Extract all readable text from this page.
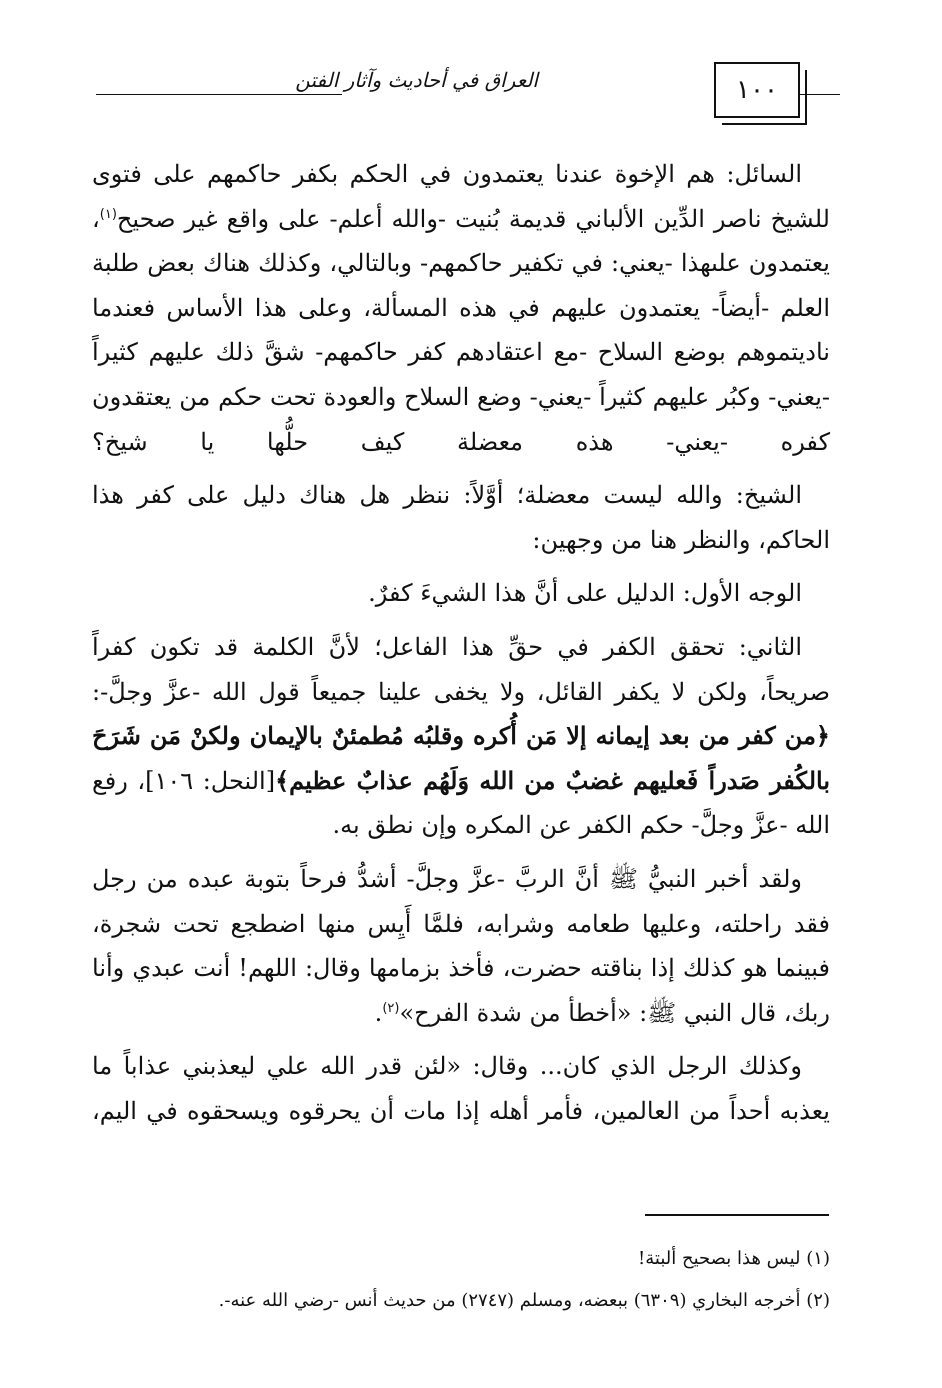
١٠٠
العراق في أحاديث وآثار الفتن

السائل: هم الإخوة عندنا يعتمدون في الحكم بكفر حاكمهم على فتوى للشيخ ناصر الدِّين الألباني قديمة بُنيت -والله أعلم- على واقع غير صحيح$^{(١)}$، يعتمدون علىهذا -يعني: في تكفير حاكمهم- وبالتالي، وكذلك هناك بعض طلبة العلم -أيضاً- يعتمدون عليهم في هذه المسألة، وعلى هذا الأساس فعندما ناديتموهم بوضع السلاح -مع اعتقادهم كفر حاكمهم- شقَّ ذلك عليهم كثيراً -يعني- وكبُر عليهم كثيراً -يعني- وضع السلاح والعودة تحت حكم من يعتقدون كفره -يعني- هذه معضلة كيف حلُّها يا شيخ؟

الشيخ: والله ليست معضلة؛ أوَّلاً: ننظر هل هناك دليل على كفر هذا الحاكم، والنظر هنا من وجهين:

الوجه الأول: الدليل على أنَّ هذا الشيءَ كفرٌ.

الثاني: تحقق الكفر في حقِّ هذا الفاعل؛ لأنَّ الكلمة قد تكون كفراً صريحاً، ولكن لا يكفر القائل، ولا يخفى علينا جميعاً قول الله -عزَّ وجلَّ-: ﴿من كفر من بعد إيمانه إلا مَن أُكره وقلبُه مُطمئنٌ بالإيمان ولكنْ مَن شَرَحَ بالكُفر صَدراً فَعليهم غضبٌ من الله وَلَهُم عذابٌ عظيم﴾[النحل: ١٠٦]، رفع الله -عزَّ وجلَّ- حكم الكفر عن المكره وإن نطق به.

ولقد أخبر النبيُّ ﷺ أنَّ الربَّ -عزَّ وجلَّ- أشدُّ فرحاً بتوبة عبده من رجل فقد راحلته، وعليها طعامه وشرابه، فلمَّا أَيِس منها اضطجع تحت شجرة، فبينما هو كذلك إذا بناقته حضرت، فأخذ بزمامها وقال: اللهم! أنت عبدي وأنا ربك، قال النبي ﷺ: «أخطأ من شدة الفرح»$^{(٢)}$.

وكذلك الرجل الذي كان... وقال: «لئن قدر الله علي ليعذبني عذاباً ما يعذبه أحداً من العالمين، فأمر أهله إذا مات أن يحرقوه ويسحقوه في اليم،

(١) ليس هذا بصحيح ألبتة!

(٢) أخرجه البخاري (٦٣٠٩) ببعضه، ومسلم (٢٧٤٧) من حديث أنس -رضي الله عنه-.
